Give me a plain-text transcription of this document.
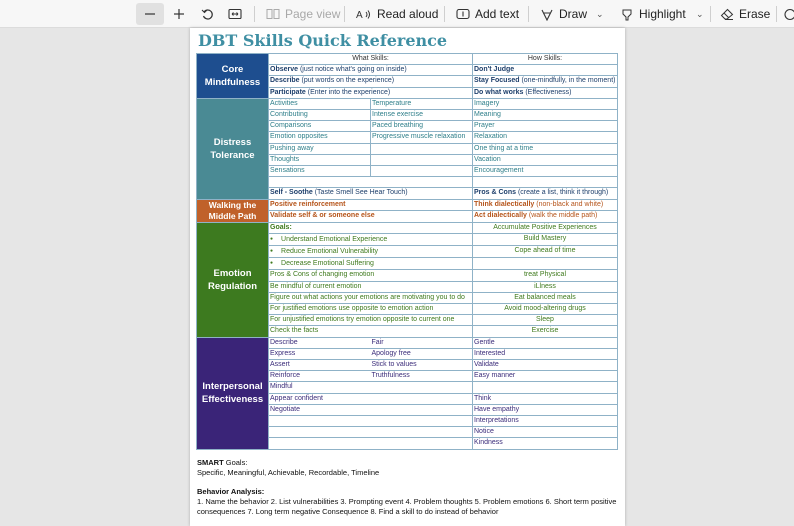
Page view A Read aloud	Add text	Draw ⌄	Highlight ⌄	Erase
DBT Skills Quick Reference
Core Mindfulness	What Skills:		How Skills:
	Observe (just notice what's going on inside)		Don't Judge
	Describe (put words on the experience)		Stay Focused (one-mindfully, in the moment)
	Participate (Enter into the experience)		Do what works (Effectiveness)
Distress Tolerance	Activities	Temperature	Imagery
	Contributing	Intense exercise	Meaning
	Comparisons	Paced breathing	Prayer
	Emotion opposites	Progressive muscle relaxation	Relaxation
	Pushing away		One thing at a time
	Thoughts		Vacation
	Sensations		Encouragement

	Self - Soothe (Taste Smell See Hear Touch)		Pros & Cons (create a list, think it through)
Walking the Middle Path	Positive reinforcement		Think dialectically (non-black and white)
	Validate self & or someone else		Act dialectically (walk the middle path)
Emotion Regulation	Goals:		Accumulate Positive Experiences
	● Understand Emotional Experience		Build Mastery
	● Reduce Emotional Vulnerability		Cope ahead of time
	● Decrease Emotional Suffering	
	Pros & Cons of changing emotion		treat Physical
	Be mindful of current emotion		iLlness
	Figure out what actions your emotions are motivating you to do		Eat balanced meals
	For justified emotions use opposite to emotion action		Avoid mood-altering drugs
	For unjustified emotions try emotion opposite to current one		Sleep
	Check the facts		Exercise
Interpersonal Effectiveness	Describe	Fair	Gentle
	Express	Apology free	Interested
	Assert	Stick to values	Validate
	Reinforce	Truthfulness	Easy manner
	Mindful		
	Appear confident		Think
	Negotiate		Have empathy
			Interpretations
			Notice
			Kindness

SMART Goals:

Specific, Meaningful, Achievable, Recordable, Timeline

Behavior Analysis:

1. Name the behavior 2. List vulnerabilities 3. Prompting event 4. Problem thoughts 5. Problem emotions 6. Short term positive consequences 7. Long term negative Consequence 8. Find a skill to do instead of behavior
